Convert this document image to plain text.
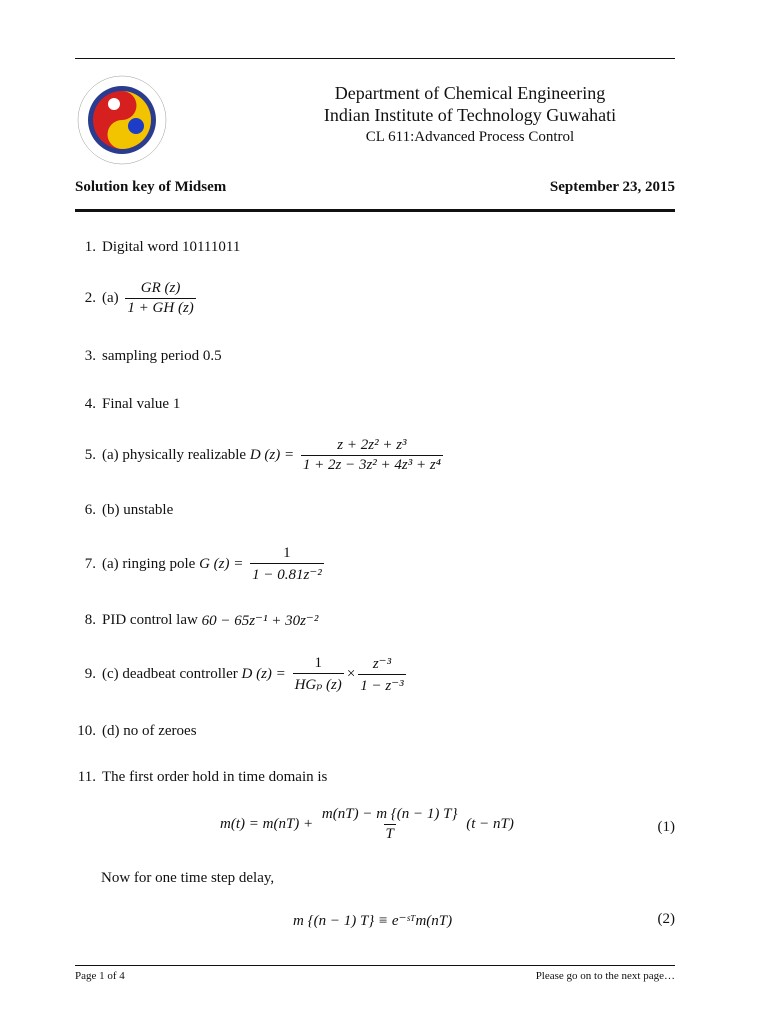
Department of Chemical Engineering
Indian Institute of Technology Guwahati
CL 611:Advanced Process Control
Solution key of Midsem	September 23, 2015
1. Digital word 10111011
2. $(a) \frac{GR (z)}{1 + GH (z)}$
3. sampling period 0.5
4. Final value 1
5. (a) physically realizable D $(z) = \frac{\text{z + 2z² + z³}}{\text{1 + 2z − 3z² + 4z³ + z⁴}}$
6. (b) unstable
7. (a) ringing pole G $(z) = \frac{1}{\text{1 − 0.81z⁻²}}$
8. PID control law 60 − 65z⁻¹ + 30z⁻²
9. (c) deadbeat controller D $(z) = \frac{1}{\text{HGₚ (z)}} \times \frac{\text{z⁻³}}{\text{1 − z⁻³}}$
10. (d) no of zeroes
11. The first order hold in time domain is
$m(t) = m(nT) + \frac{m(nT) - m \{(n - 1) T\}}{T} (t - nT)$	(1)
Now for one time step delay,
m {(n − 1) T} ≡ e⁻ˢᵀm(nT)	(2)
Page 1 of 4	Please go on to the next page…
